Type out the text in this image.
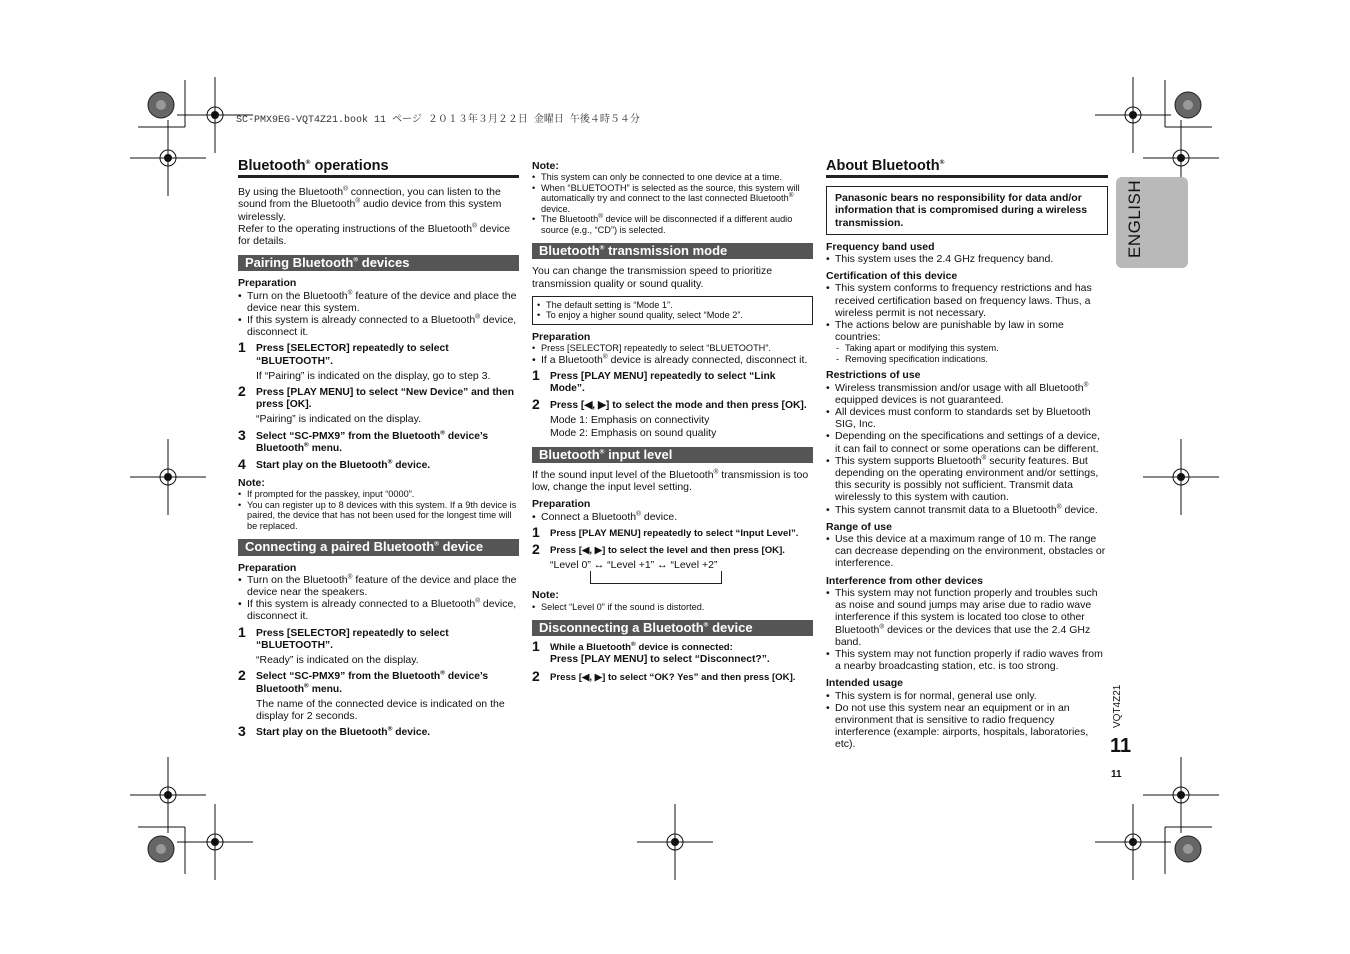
SC-PMX9EG-VQT4Z21.book 11 ページ ２０１３年３月２２日 金曜日 午後４時５４分
ENGLISH
VQT4Z21
11
11
Bluetooth® operations

By using the Bluetooth® connection, you can listen to the sound from the Bluetooth® audio device from this system wirelessly.

Refer to the operating instructions of the Bluetooth® device for details.

Pairing Bluetooth® devices

Preparation

• Turn on the Bluetooth® feature of the device and place the device near this system.
• If this system is already connected to a Bluetooth® device, disconnect it.
1 Press [SELECTOR] repeatedly to select “BLUETOOTH”.
If “Pairing” is indicated on the display, go to step 3.
2 Press [PLAY MENU] to select “New Device” and then press [OK].
“Pairing” is indicated on the display.
3 Select “SC-PMX9” from the Bluetooth® device’s Bluetooth® menu.
4 Start play on the Bluetooth® device.

Note:

• If prompted for the passkey, input “0000”.
• You can register up to 8 devices with this system. If a 9th device is paired, the device that has not been used for the longest time will be replaced.
Connecting a paired Bluetooth® device

Preparation

• Turn on the Bluetooth® feature of the device and place the device near the speakers.
• If this system is already connected to a Bluetooth® device, disconnect it.
1 Press [SELECTOR] repeatedly to select “BLUETOOTH”.
“Ready” is indicated on the display.
2 Select “SC-PMX9” from the Bluetooth® device’s Bluetooth® menu.
The name of the connected device is indicated on the display for 2 seconds.
3 Start play on the Bluetooth® device.

Note:

• This system can only be connected to one device at a time.
• When “BLUETOOTH” is selected as the source, this system will automatically try and connect to the last connected Bluetooth® device.
• The Bluetooth® device will be disconnected if a different audio source (e.g., “CD”) is selected.
Bluetooth® transmission mode

You can change the transmission speed to prioritize transmission quality or sound quality.

• The default setting is “Mode 1”.
• To enjoy a higher sound quality, select “Mode 2”.

Preparation

• Press [SELECTOR] repeatedly to select “BLUETOOTH”.
• If a Bluetooth® device is already connected, disconnect it.
1 Press [PLAY MENU] repeatedly to select “Link Mode”.
2 Press [◀, ▶] to select the mode and then press [OK].
Mode 1: Emphasis on connectivity
Mode 2: Emphasis on sound quality
Bluetooth® input level

If the sound input level of the Bluetooth® transmission is too low, change the input level setting.

Preparation

• Connect a Bluetooth® device.
1 Press [PLAY MENU] repeatedly to select “Input Level”.
2 Press [◀, ▶] to select the level and then press [OK].
“Level 0” ↔ “Level +1” ↔ “Level +2”

Note:

• Select “Level 0” if the sound is distorted.
Disconnecting a Bluetooth® device
1 While a Bluetooth® device is connected:
Press [PLAY MENU] to select “Disconnect?”.
2 Press [◀, ▶] to select “OK? Yes” and then press [OK].
About Bluetooth®
Panasonic bears no responsibility for data and/or information that is compromised during a wireless transmission.

Frequency band used

• This system uses the 2.4 GHz frequency band.

Certification of this device

• This system conforms to frequency restrictions and has received certification based on frequency laws. Thus, a wireless permit is not necessary.
• The actions below are punishable by law in some countries:
- Taking apart or modifying this system.
- Removing specification indications.

Restrictions of use

• Wireless transmission and/or usage with all Bluetooth® equipped devices is not guaranteed.
• All devices must conform to standards set by Bluetooth SIG, Inc.
• Depending on the specifications and settings of a device, it can fail to connect or some operations can be different.
• This system supports Bluetooth® security features. But depending on the operating environment and/or settings, this security is possibly not sufficient. Transmit data wirelessly to this system with caution.
• This system cannot transmit data to a Bluetooth® device.

Range of use

• Use this device at a maximum range of 10 m. The range can decrease depending on the environment, obstacles or interference.

Interference from other devices

• This system may not function properly and troubles such as noise and sound jumps may arise due to radio wave interference if this system is located too close to other Bluetooth® devices or the devices that use the 2.4 GHz band.
• This system may not function properly if radio waves from a nearby broadcasting station, etc. is too strong.

Intended usage

• This system is for normal, general use only.
• Do not use this system near an equipment or in an environment that is sensitive to radio frequency interference (example: airports, hospitals, laboratories, etc).
